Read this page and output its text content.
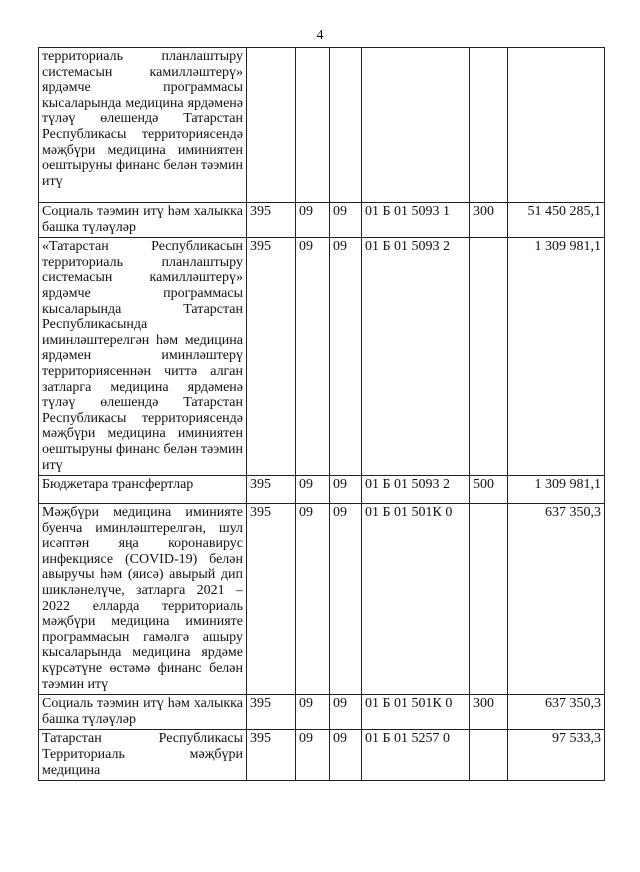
4
территориаль планлаштыру системасын камилләштерү» ярдәмче программасы кысаларында медицина ярдәменә түләү өлешендә Татарстан Республикасы территориясендә мәҗбүри медицина иминиятен оештыруны финанс белән тәэмин итү						

Социаль тәэмин итү һәм халыкка башка түләүләр	395	09	09	01 Б 01 5093 1	300	51 450 285,1

«Татарстан Республикасын территориаль планлаштыру системасын камилләштерү» ярдәмче программасы кысаларында Татарстан Республикасында иминләштерелгән һәм медицина ярдәмен иминләштерү территориясеннән читтә алган затларга медицина ярдәменә түләү өлешендә Татарстан Республикасы территориясендә мәҗбүри медицина иминиятен оештыруны финанс белән тәэмин итү	395	09	09	01 Б 01 5093 2		1 309 981,1

Бюджетара трансфертлар	395	09	09	01 Б 01 5093 2	500	1 309 981,1

Мәҗбүри медицина иминияте буенча иминләштерелгән, шул исәптән яңа коронавирус инфекциясе (COVID-19) белән авыручы һәм (яисә) авырый дип шикләнелүче, затларга 2021 – 2022 елларда территориаль мәҗбүри медицина иминияте программасын гамәлгә ашыру кысаларында медицина ярдәме күрсәтүне өстәмә финанс белән тәэмин итү	395	09	09	01 Б 01 501К 0		637 350,3

Социаль тәэмин итү һәм халыкка башка түләүләр	395	09	09	01 Б 01 501К 0	300	637 350,3

Татарстан Республикасы Территориаль мәҗбүри медицина	395	09	09	01 Б 01 5257 0		97 533,3
